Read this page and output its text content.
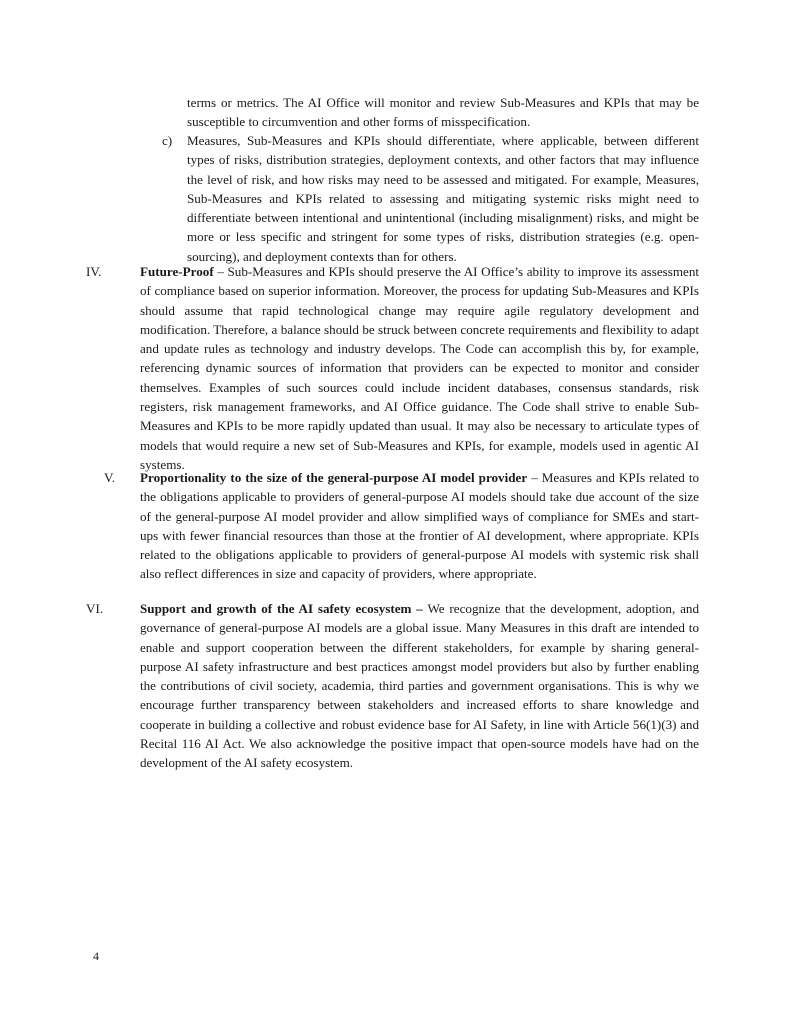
terms or metrics. The AI Office will monitor and review Sub-Measures and KPIs that may be susceptible to circumvention and other forms of misspecification.

c) Measures, Sub-Measures and KPIs should differentiate, where applicable, between different types of risks, distribution strategies, deployment contexts, and other factors that may influence the level of risk, and how risks may need to be assessed and mitigated. For example, Measures, Sub-Measures and KPIs related to assessing and mitigating systemic risks might need to differentiate between intentional and unintentional (including misalignment) risks, and might be more or less specific and stringent for some types of risks, distribution strategies (e.g. open-sourcing), and deployment contexts than for others.

IV.	Future-Proof – Sub-Measures and KPIs should preserve the AI Office’s ability to improve its assessment of compliance based on superior information. Moreover, the process for updating Sub-Measures and KPIs should assume that rapid technological change may require agile regulatory development and modification. Therefore, a balance should be struck between concrete requirements and flexibility to adapt and update rules as technology and industry develops. The Code can accomplish this by, for example, referencing dynamic sources of information that providers can be expected to monitor and consider themselves. Examples of such sources could include incident databases, consensus standards, risk registers, risk management frameworks, and AI Office guidance. The Code shall strive to enable Sub-Measures and KPIs to be more rapidly updated than usual. It may also be necessary to articulate types of models that would require a new set of Sub-Measures and KPIs, for example, models used in agentic AI systems.

V.	Proportionality to the size of the general-purpose AI model provider – Measures and KPIs related to the obligations applicable to providers of general-purpose AI models should take due account of the size of the general-purpose AI model provider and allow simplified ways of compliance for SMEs and start-ups with fewer financial resources than those at the frontier of AI development, where appropriate. KPIs related to the obligations applicable to providers of general-purpose AI models with systemic risk shall also reflect differences in size and capacity of providers, where appropriate.

VI.	Support and growth of the AI safety ecosystem – We recognize that the development, adoption, and governance of general-purpose AI models are a global issue. Many Measures in this draft are intended to enable and support cooperation between the different stakeholders, for example by sharing general-purpose AI safety infrastructure and best practices amongst model providers but also by further enabling the contributions of civil society, academia, third parties and government organisations. This is why we encourage further transparency between stakeholders and increased efforts to share knowledge and cooperate in building a collective and robust evidence base for AI Safety, in line with Article 56(1)(3) and Recital 116 AI Act. We also acknowledge the positive impact that open-source models have had on the development of the AI safety ecosystem.

4
